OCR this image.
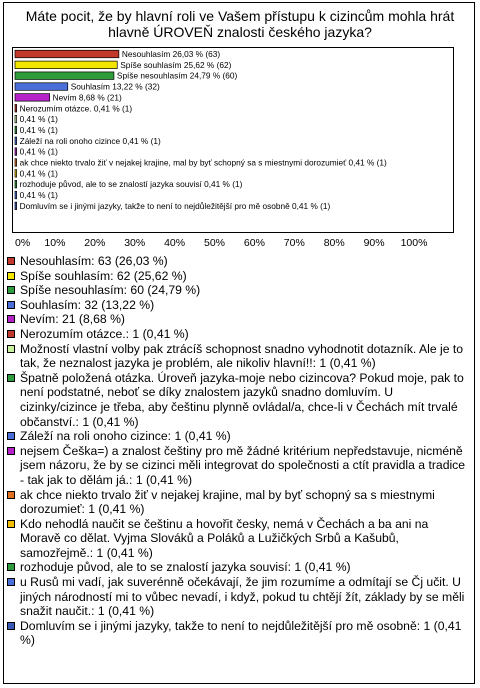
Máte pocit, že by hlavní roli ve Vašem přístupu k cizincům mohla hrát hlavně ÚROVEŇ znalosti českého jazyka?
Nesouhlasím 26,03 % (63)
Spíše souhlasím 25,62 % (62)
Spíše nesouhlasím 24,79 % (60)
Souhlasím 13,22 % (32)
Nevím 8,68 % (21)
Nerozumím otázce. 0,41 % (1)
0,41 % (1)
0,41 % (1)
Záleží na roli onoho cizince 0,41 % (1)
0,41 % (1)
ak chce niekto trvalo žiť v nejakej krajine, mal by byť schopný sa s miestnymi dorozumieť 0,41 % (1)
0,41 % (1)
rozhoduje původ, ale to se znalostí jazyka souvisí 0,41 % (1)
0,41 % (1)
Domluvím se i jinými jazyky, takže to není to nejdůležitější pro mě osobně 0,41 % (1)
0% 10% 20% 30% 40% 50% 60% 70% 80% 90% 100%
Nesouhlasím: 63 (26,03 %)
Spíše souhlasím: 62 (25,62 %)
Spíše nesouhlasím: 60 (24,79 %)
Souhlasím: 32 (13,22 %)
Nevím: 21 (8,68 %)
Nerozumím otázce.: 1 (0,41 %)
Možností vlastní volby pak ztrácíš schopnost snadno vyhodnotit dotazník. Ale je to tak, že neznalost jazyka je problém, ale nikoliv hlavní!!: 1 (0,41 %)
Špatně položená otázka. Úroveň jazyka-moje nebo cizincova? Pokud moje, pak to není podstatné, neboť se díky znalostem jazyků snadno domluvím. U cizinky/cizince je třeba, aby češtinu plynně ovládal/a, chce-li v Čechách mít trvalé občanství.: 1 (0,41 %)
Záleží na roli onoho cizince: 1 (0,41 %)
nejsem Češka=) a znalost češtiny pro mě žádné kritérium nepředstavuje, nicméně jsem názoru, že by se cizinci měli integrovat do společnosti a ctít pravidla a tradice - tak jak to dělám já.: 1 (0,41 %)
ak chce niekto trvalo žiť v nejakej krajine, mal by byť schopný sa s miestnymi dorozumieť: 1 (0,41 %)
Kdo nehodlá naučit se češtinu a hovořit česky, nemá v Čechách a ba ani na Moravě co dělat. Vyjma Slováků a Poláků a Lužičkých Srbů a Kašubů, samozřejmě.: 1 (0,41 %)
rozhoduje původ, ale to se znalostí jazyka souvisí: 1 (0,41 %)
u Rusů mi vadí, jak suverénně očekávají, že jim rozumíme a odmítají se Čj učit. U jiných národností mi to vůbec nevadí, i když, pokud tu chtějí žít, základy by se měli snažit naučit.: 1 (0,41 %)
Domluvím se i jinými jazyky, takže to není to nejdůležitější pro mě osobně: 1 (0,41 %)
